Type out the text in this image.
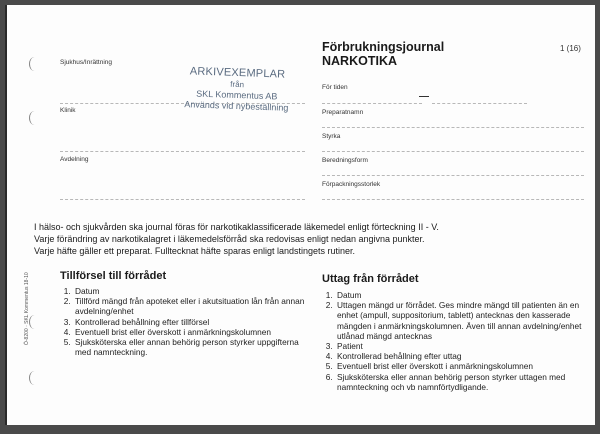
Sjukhus/Inrättning
Klinik
Avdelning
ARKIVEXEMPLAR
från
SKL Kommentus AB
Används vid nybeställning
Förbrukningsjournal
NARKOTIKA
1 (16)
För tiden
Preparatnamn
Styrka
Beredningsform
Förpackningsstorlek
I hälso- och sjukvården ska journal föras för narkotikaklassificerade läkemedel enligt förteckning II - V.
Varje förändring av narkotikalagret i läkemedelsförråd ska redovisas enligt nedan angivna punkter.
Varje häfte gäller ett preparat. Fulltecknat häfte sparas enligt landstingets rutiner.
Tillförsel till förrådet
1. Datum
2. Tillförd mängd från apoteket eller i akutsituation lån från annan avdelning/enhet
3. Kontrollerad behållning efter tillförsel
4. Eventuell brist eller överskott i anmärkningskolumnen
5. Sjuksköterska eller annan behörig person styrker uppgifterna med namnteckning.
Uttag från förrådet
1. Datum
2. Uttagen mängd ur förrådet. Ges mindre mängd till patienten än en enhet (ampull, suppositorium, tablett) antecknas den kasserade mängden i anmärkningskolumnen. Även till annan avdelning/enhet utlånad mängd antecknas
3. Patient
4. Kontrollerad behållning efter uttag
5. Eventuell brist eller överskott i anmärkningskolumnen
6. Sjuksköterska eller annan behörig person styrker uttagen med namnteckning och vb namnförtydligande.
Ö-8200 · SKL Kommentus 18-10
